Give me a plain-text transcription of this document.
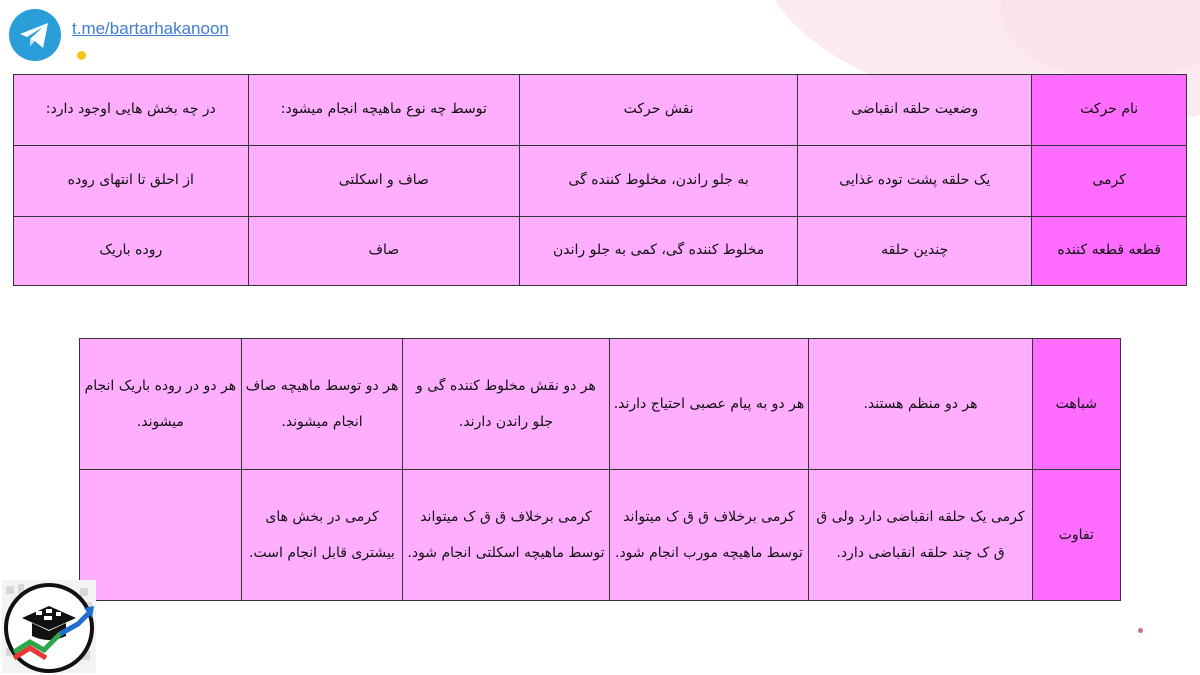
t.me/bartarhakanoon
نام حرکت	وضعیت حلقه انقباضی	نقش حرکت	توسط چه نوع ماهیچه انجام میشود:	در چه بخش هایی اوجود دارد:
کرمی	یک حلقه پشت توده غذایی	به جلو راندن، مخلوط کننده گی	صاف و اسکلتی	از احلق تا انتهای روده
قطعه قطعه کننده	چندین حلقه	مخلوط کننده گی، کمی به جلو راندن	صاف	روده باریک
شباهت	هر دو منظم هستند.	هر دو به پیام عصبی احتیاج دارند.	هر دو نقش مخلوط کننده گی و جلو راندن دارند.	هر دو توسط ماهیچه صاف انجام میشوند.	هر دو در روده باریک انجام میشوند.
تفاوت	کرمی یک حلقه انقباضی دارد ولی ق ق ک چند حلقه انقباضی دارد.	کرمی برخلاف ق ق ک میتواند توسط ماهیچه مورب انجام شود.	کرمی برخلاف ق ق ک میتواند توسط ماهیچه اسکلتی انجام شود.	کرمی در بخش های بیشتری قابل انجام است.	
